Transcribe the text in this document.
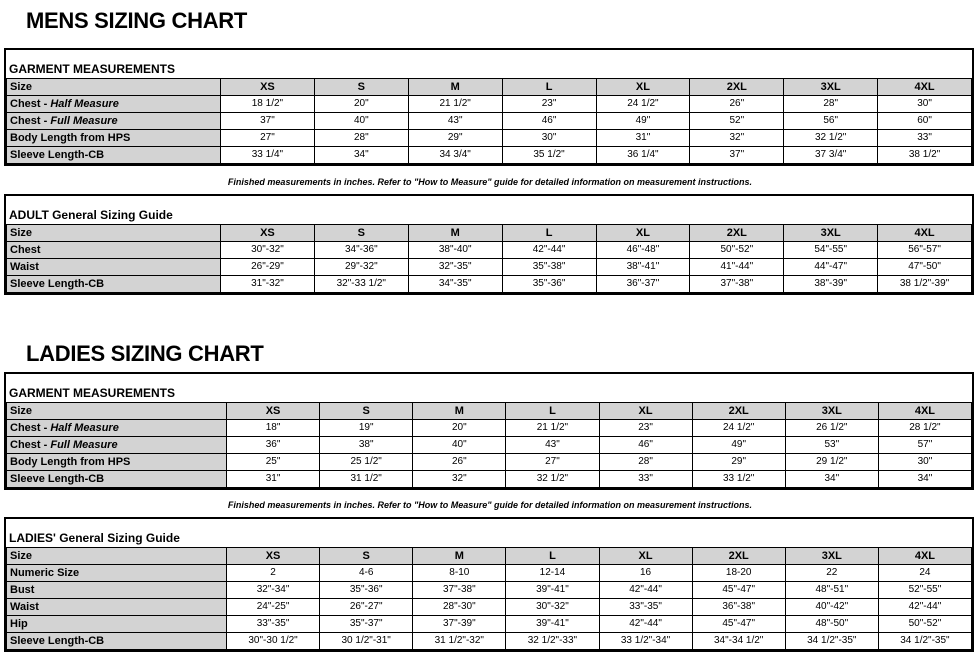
MENS SIZING CHART
GARMENT MEASUREMENTS
Size	XS	S	M	L	XL	2XL	3XL	4XL
Chest - Half Measure	18 1/2"	20"	21 1/2"	23"	24 1/2"	26"	28"	30"
Chest - Full Measure	37"	40"	43"	46"	49"	52"	56"	60"
Body Length from HPS	27"	28"	29"	30"	31"	32"	32 1/2"	33"
Sleeve Length-CB	33 1/4"	34"	34 3/4"	35 1/2"	36 1/4"	37"	37 3/4"	38 1/2"
Finished measurements in inches. Refer to "How to Measure" guide for detailed information on measurement instructions.
ADULT General Sizing Guide
Size	XS	S	M	L	XL	2XL	3XL	4XL
Chest	30"-32"	34"-36"	38"-40"	42"-44"	46"-48"	50"-52"	54"-55"	56"-57"
Waist	26"-29"	29"-32"	32"-35"	35"-38"	38"-41"	41"-44"	44"-47"	47"-50"
Sleeve Length-CB	31"-32"	32"-33 1/2"	34"-35"	35"-36"	36"-37"	37"-38"	38"-39"	38 1/2"-39"
LADIES SIZING CHART
GARMENT MEASUREMENTS
Size	XS	S	M	L	XL	2XL	3XL	4XL
Chest - Half Measure	18"	19"	20"	21 1/2"	23"	24 1/2"	26 1/2"	28 1/2"
Chest - Full Measure	36"	38"	40"	43"	46"	49"	53"	57"
Body Length from HPS	25"	25 1/2"	26"	27"	28"	29"	29 1/2"	30"
Sleeve Length-CB	31"	31 1/2"	32"	32 1/2"	33"	33 1/2"	34"	34"
Finished measurements in inches. Refer to "How to Measure" guide for detailed information on measurement instructions.
LADIES' General Sizing Guide
Size	XS	S	M	L	XL	2XL	3XL	4XL
Numeric Size	2	4-6	8-10	12-14	16	18-20	22	24
Bust	32"-34"	35"-36"	37"-38"	39"-41"	42"-44"	45"-47"	48"-51"	52"-55"
Waist	24"-25"	26"-27"	28"-30"	30"-32"	33"-35"	36"-38"	40"-42"	42"-44"
Hip	33"-35"	35"-37"	37"-39"	39"-41"	42"-44"	45"-47"	48"-50"	50"-52"
Sleeve Length-CB	30"-30 1/2"	30 1/2"-31"	31 1/2"-32"	32 1/2"-33"	33 1/2"-34"	34"-34 1/2"	34 1/2"-35"	34 1/2"-35"
